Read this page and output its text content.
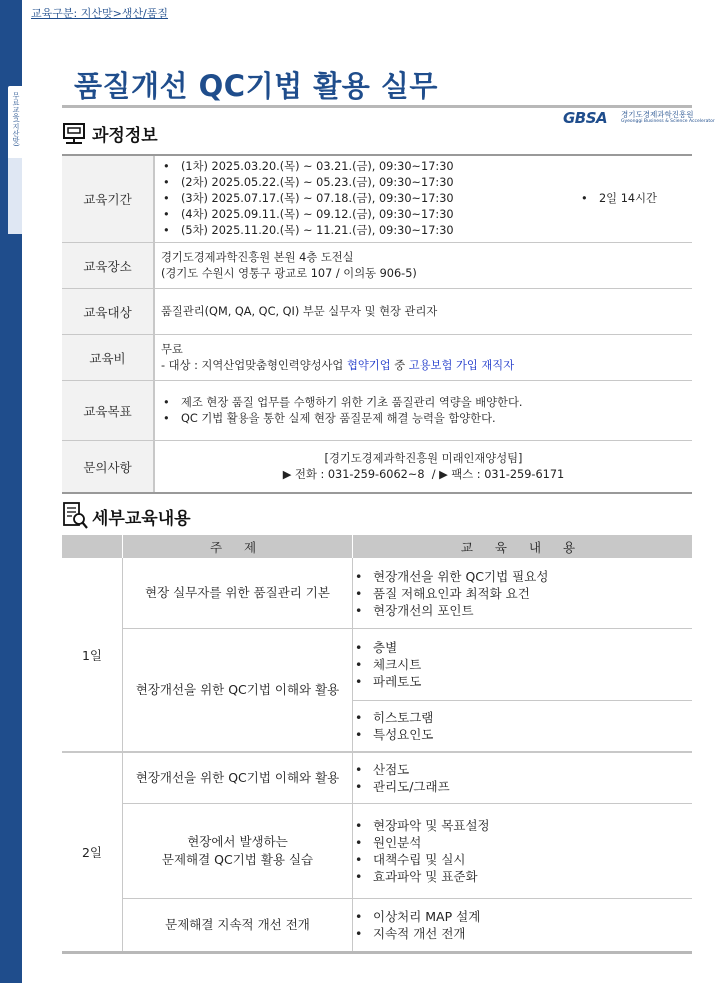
무료교육(지산맞)
교육구분: 지산맞>생산/품질
품질개선 QC기법 활용 실무
GBSA 경기도경제과학진흥원
Gyeonggi Business & Science Accelerator
과정정보
교육기간
• (1차) 2025.03.20.(목) ~ 03.21.(금), 09:30~17:30
• (2차) 2025.05.22.(목) ~ 05.23.(금), 09:30~17:30
• (3차) 2025.07.17.(목) ~ 07.18.(금), 09:30~17:30
• (4차) 2025.09.11.(목) ~ 09.12.(금), 09:30~17:30
• (5차) 2025.11.20.(목) ~ 11.21.(금), 09:30~17:30
• 2일 14시간
교육장소
경기도경제과학진흥원 본원 4층 도전실
(경기도 수원시 영통구 광교로 107 / 이의동 906-5)
교육대상	품질관리(QM, QA, QC, QI) 부문 실무자 및 현장 관리자
교육비
무료
- 대상 : 지역산업맞춤형인력양성사업 협약기업 중 고용보험 가입 재직자
교육목표
• 제조 현장 품질 업무를 수행하기 위한 기초 품질관리 역량을 배양한다.
• QC 기법 활용을 통한 실제 현장 품질문제 해결 능력을 함양한다.
문의사항
[경기도경제과학진흥원 미래인재양성팀]
▶ 전화 : 031-259-6062~8  / ▶ 팩스 : 031-259-6171
세부교육내용
주 제	교 육 내 용
1일
현장 실무자를 위한 품질관리 기본
• 현장개선을 위한 QC기법 필요성
• 품질 저해요인과 최적화 요건
• 현장개선의 포인트
현장개선을 위한 QC기법 이해와 활용
• 층별
• 체크시트
• 파레토도
• 히스토그램
• 특성요인도
2일
현장개선을 위한 QC기법 이해와 활용
• 산점도
• 관리도/그래프
현장에서 발생하는
문제해결 QC기법 활용 실습
• 현장파악 및 목표설정
• 원인분석
• 대책수립 및 실시
• 효과파악 및 표준화
문제해결 지속적 개선 전개
• 이상처리 MAP 설계
• 지속적 개선 전개
